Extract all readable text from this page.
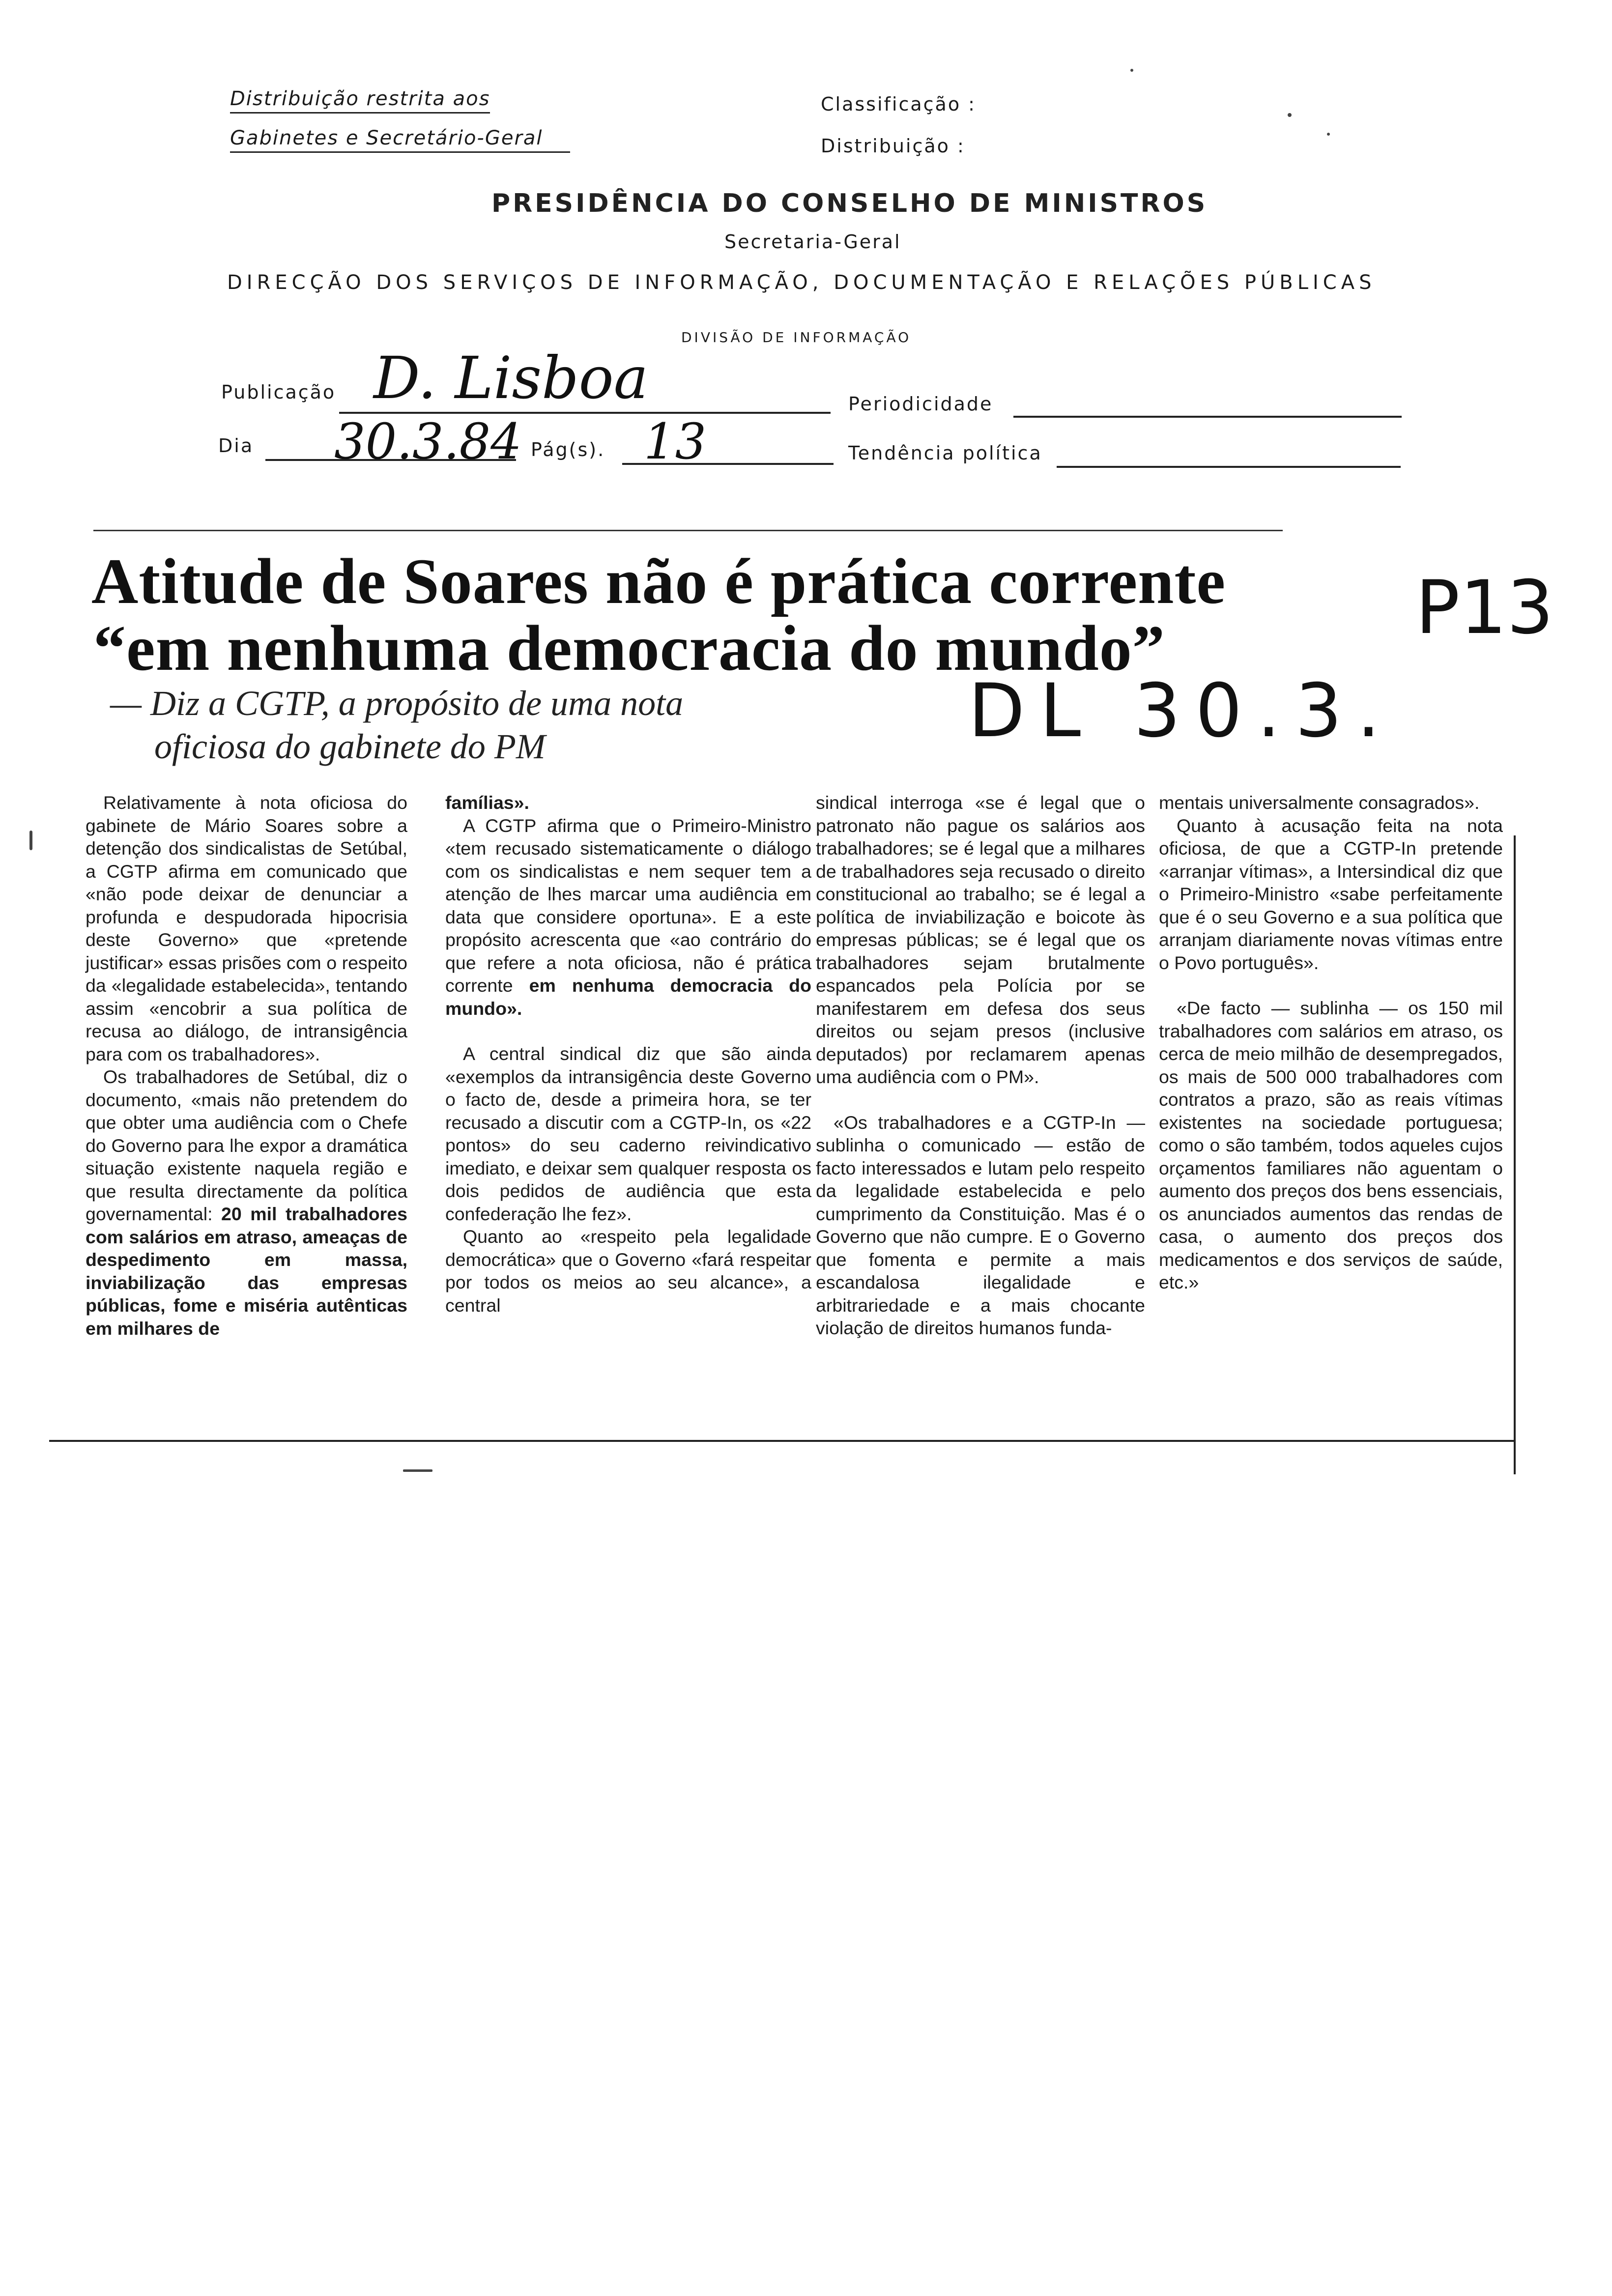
Distribuição restrita aos
Gabinetes e Secretário-Geral
Classificação :
Distribuição :
PRESIDÊNCIA DO CONSELHO DE MINISTROS
Secretaria-Geral
DIRECÇÃO DOS SERVIÇOS DE INFORMAÇÃO, DOCUMENTAÇÃO E RELAÇÕES PÚBLICAS
DIVISÃO DE INFORMAÇÃO
Publicação D. Lisboa	Periodicidade
Dia 30.3.84 Pág(s). 13	Tendência política
Atitude de Soares não é prática corrente
“em nenhuma democracia do mundo”
— Diz a CGTP, a propósito de uma nota
oficiosa do gabinete do PM
P13
DL 30.3.

Relativamente à nota oficiosa do gabinete de Mário Soares sobre a detenção dos sindicalistas de Setúbal, a CGTP afirma em comunicado que «não pode deixar de denunciar a profunda e despudorada hipocrisia deste Governo» que «pretende justificar» essas prisões com o respeito da «legalidade estabelecida», tentando assim «encobrir a sua política de recusa ao diálogo, de intransigência para com os trabalhadores».

Os trabalhadores de Setúbal, diz o documento, «mais não pretendem do que obter uma audiência com o Chefe do Governo para lhe expor a dramática situação existente naquela região e que resulta directamente da política governamental: 20 mil trabalhadores com salários em atraso, ameaças de despedimento em massa, inviabilização das empresas públicas, fome e miséria autênticas em milhares de

famílias».

A CGTP afirma que o Primeiro-Ministro «tem recusado sistematicamente o diálogo com os sindicalistas e nem sequer tem a atenção de lhes marcar uma audiência em data que considere oportuna». E a este propósito acrescenta que «ao contrário do que refere a nota oficiosa, não é prática corrente em nenhuma democracia do mundo».

A central sindical diz que são ainda «exemplos da intransigência deste Governo o facto de, desde a primeira hora, se ter recusado a discutir com a CGTP-In, os «22 pontos» do seu caderno reivindicativo imediato, e deixar sem qualquer resposta os dois pedidos de audiência que esta confederação lhe fez».

Quanto ao «respeito pela legalidade democrática» que o Governo «fará respeitar por todos os meios ao seu alcance», a central

sindical interroga «se é legal que o patronato não pague os salários aos trabalhadores; se é legal que a milhares de trabalhadores seja recusado o direito constitucional ao trabalho; se é legal a política de inviabilização e boicote às empresas públicas; se é legal que os trabalhadores sejam brutalmente espancados pela Polícia por se manifestarem em defesa dos seus direitos ou sejam presos (inclusive deputados) por reclamarem apenas uma audiência com o PM».

«Os trabalhadores e a CGTP-In — sublinha o comunicado — estão de facto interessados e lutam pelo respeito da legalidade estabelecida e pelo cumprimento da Constituição. Mas é o Governo que não cumpre. E o Governo que fomenta e permite a mais escandalosa ilegalidade e arbitrariedade e a mais chocante violação de direitos humanos funda-

mentais universalmente consagrados».

Quanto à acusação feita na nota oficiosa, de que a CGTP-In pretende «arranjar vítimas», a Intersindical diz que o Primeiro-Ministro «sabe perfeitamente que é o seu Governo e a sua política que arranjam diariamente novas vítimas entre o Povo português».

«De facto — sublinha — os 150 mil trabalhadores com salários em atraso, os cerca de meio milhão de desempregados, os mais de 500 000 trabalhadores com contratos a prazo, são as reais vítimas existentes na sociedade portuguesa; como o são também, todos aqueles cujos orçamentos familiares não aguentam o aumento dos preços dos bens essenciais, os anunciados aumentos das rendas de casa, o aumento dos preços dos medicamentos e dos serviços de saúde, etc.»
